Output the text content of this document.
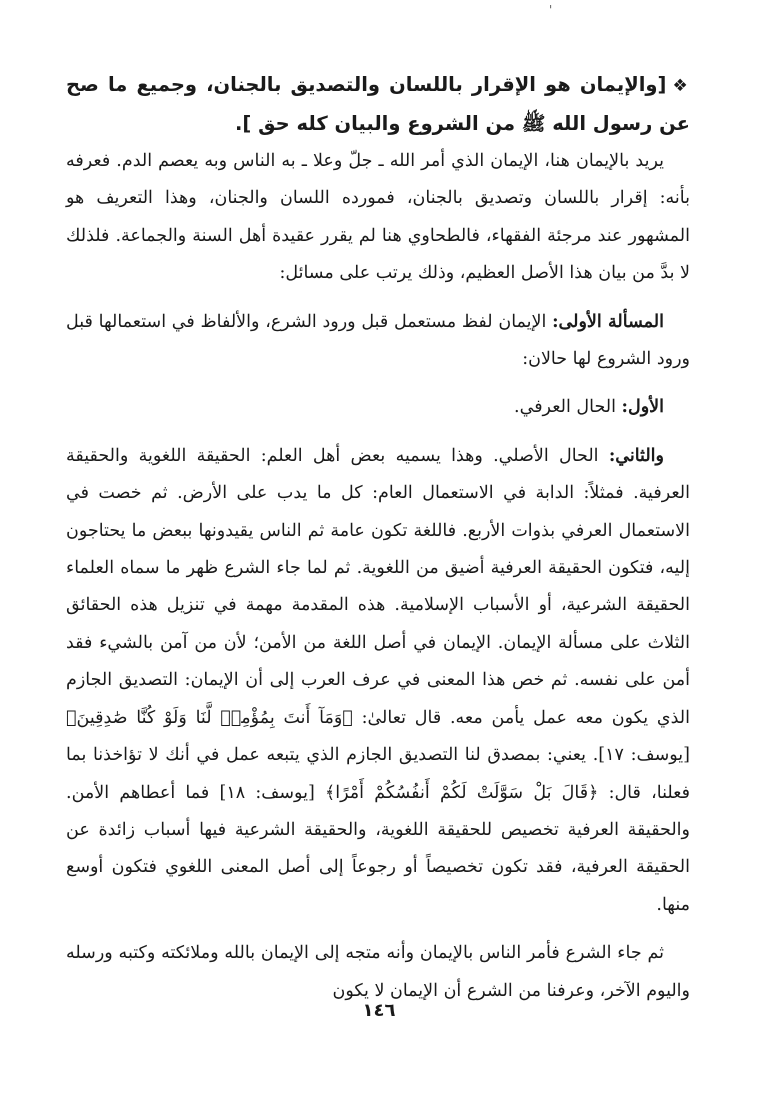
'

❖[والإيمان هو الإقرار باللسان والتصديق بالجنان، وجميع ما صح عن رسول الله ﷺ من الشروع والبيان كله حق ].

يريد بالإيمان هنا، الإيمان الذي أمر الله ـ جلّ وعلا ـ به الناس وبه يعصم الدم. فعرفه بأنه: إقرار باللسان وتصديق بالجنان، فمورده اللسان والجنان، وهذا التعريف هو المشهور عند مرجئة الفقهاء، فالطحاوي هنا لم يقرر عقيدة أهل السنة والجماعة. فلذلك لا بدَّ من بيان هذا الأصل العظيم، وذلك يرتب على مسائل:

المسألة الأولى: الإيمان لفظ مستعمل قبل ورود الشرع، والألفاظ في استعمالها قبل ورود الشروع لها حالان:

الأول: الحال العرفي.

والثاني: الحال الأصلي. وهذا يسميه بعض أهل العلم: الحقيقة اللغوية والحقيقة العرفية. فمثلاً: الدابة في الاستعمال العام: كل ما يدب على الأرض. ثم خصت في الاستعمال العرفي بذوات الأربع. فاللغة تكون عامة ثم الناس يقيدونها ببعض ما يحتاجون إليه، فتكون الحقيقة العرفية أضيق من اللغوية. ثم لما جاء الشرع ظهر ما سماه العلماء الحقيقة الشرعية، أو الأسباب الإسلامية. هذه المقدمة مهمة في تنزيل هذه الحقائق الثلاث على مسألة الإيمان. الإيمان في أصل اللغة من الأمن؛ لأن من آمن بالشيء فقد أمن على نفسه. ثم خص هذا المعنى في عرف العرب إلى أن الإيمان: التصديق الجازم الذي يكون معه عمل يأمن معه. قال تعالىٰ: ﴿وَمَآ أَنتَ بِمُؤْمِنٖ لَّنَا وَلَوْ كُنَّا صَٰدِقِينَ﴾ [يوسف: ١٧]. يعني: بمصدق لنا التصديق الجازم الذي يتبعه عمل في أنك لا تؤاخذنا بما فعلنا، قال: ﴿قَالَ بَلْ سَوَّلَتْ لَكُمْ أَنفُسُكُمْ أَمْرًا﴾ [يوسف: ١٨] فما أعطاهم الأمن. والحقيقة العرفية تخصيص للحقيقة اللغوية، والحقيقة الشرعية فيها أسباب زائدة عن الحقيقة العرفية، فقد تكون تخصيصاً أو رجوعاً إلى أصل المعنى اللغوي فتكون أوسع منها.

ثم جاء الشرع فأمر الناس بالإيمان وأنه متجه إلى الإيمان بالله وملائكته وكتبه ورسله واليوم الآخر، وعرفنا من الشرع أن الإيمان لا يكون

١٤٦
